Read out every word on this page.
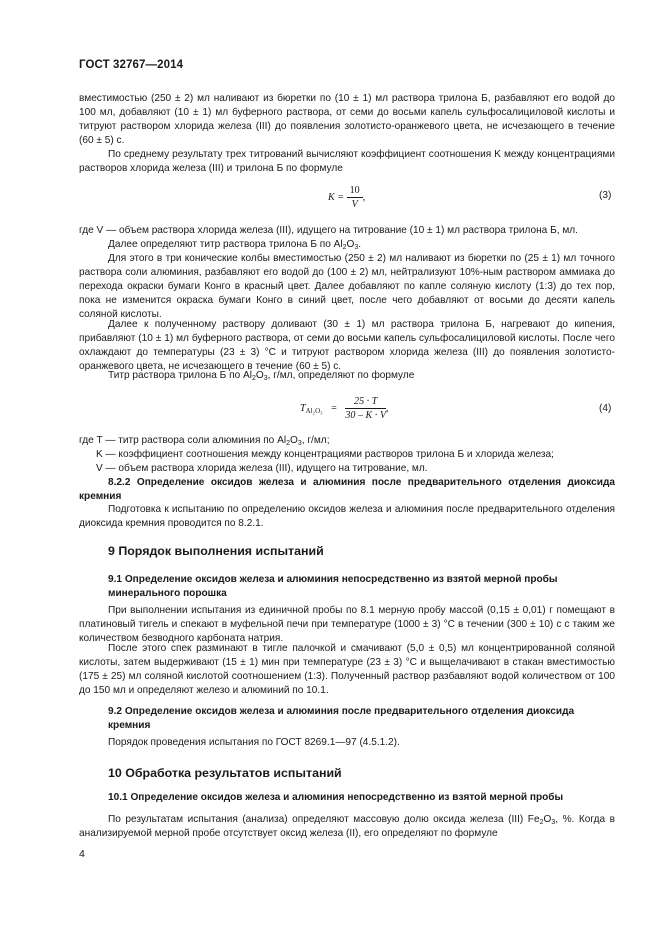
ГОСТ 32767—2014
вместимостью (250 ± 2) мл наливают из бюретки по (10 ± 1) мл раствора трилона Б, разбавляют его водой до 100 мл, добавляют (10 ± 1) мл буферного раствора, от семи до восьми капель сульфосалициловой кислоты и титруют раствором хлорида железа (III) до появления золотисто-оранжевого цвета, не исчезающего в течение (60 ± 5) с.
По среднему результату трех титрований вычисляют коэффициент соотношения K между концентрациями растворов хлорида железа (III) и трилона Б по формуле
$K = \frac{10}{V}$ ,	(3)
где V — объем раствора хлорида железа (III), идущего на титрование (10 ± 1) мл раствора трилона Б, мл.
Далее определяют титр раствора трилона Б по $Al_2O_3$.
Для этого в три конические колбы вместимостью (250 ± 2) мл наливают из бюретки по (25 ± 1) мл точного раствора соли алюминия, разбавляют его водой до (100 ± 2) мл, нейтрализуют 10%-ным раствором аммиака до перехода окраски бумаги Конго в красный цвет. Далее добавляют по капле соляную кислоту (1:3) до тех пор, пока не изменится окраска бумаги Конго в синий цвет, после чего добавляют от восьми до десяти капель соляной кислоты.
Далее к полученному раствору доливают (30 ± 1) мл раствора трилона Б, нагревают до кипения, прибавляют (10 ± 1) мл буферного раствора, от семи до восьми капель сульфосалициловой кислоты. После чего охлаждают до температуры (23 ± 3) °С и титруют раствором хлорида железа (III) до появления золотисто-оранжевого цвета, не исчезающего в течение (60 ± 5) с.
Титр раствора трилона Б по $Al_2O_3$, г/мл, определяют по формуле
$T_{Al_2O_3} = \frac{25 \cdot T}{30 - K \cdot V}$ ,	(4)
где T — титр раствора соли алюминия по $Al_2O_3$, г/мл;
K — коэффициент соотношения между концентрациями растворов трилона Б и хлорида железа;
V — объем раствора хлорида железа (III), идущего на титрование, мл.
8.2.2 Определение оксидов железа и алюминия после предварительного отделения диоксида кремния
Подготовка к испытанию по определению оксидов железа и алюминия после предварительного отделения диоксида кремния проводится по 8.2.1.
9 Порядок выполнения испытаний
9.1 Определение оксидов железа и алюминия непосредственно из взятой мерной пробы минерального порошка
При выполнении испытания из единичной пробы по 8.1 мерную пробу массой (0,15 ± 0,01) г помещают в платиновый тигель и спекают в муфельной печи при температуре (1000 ± 3) °С в течении (300 ± 10) с с таким же количеством безводного карбоната натрия.
После этого спек разминают в тигле палочкой и смачивают (5,0 ± 0,5) мл концентрированной соляной кислоты, затем выдерживают (15 ± 1) мин при температуре (23 ± 3) °С и выщелачивают в стакан вместимостью (175 ± 25) мл соляной кислотой соотношением (1:3). Полученный раствор разбавляют водой количеством от 100 до 150 мл и определяют железо и алюминий по 10.1.
9.2 Определение оксидов железа и алюминия после предварительного отделения диоксида кремния
Порядок проведения испытания по ГОСТ 8269.1—97 (4.5.1.2).
10 Обработка результатов испытаний
10.1 Определение оксидов железа и алюминия непосредственно из взятой мерной пробы
По результатам испытания (анализа) определяют массовую долю оксида железа (III) $Fe_2O_3$, %. Когда в анализируемой мерной пробе отсутствует оксид железа (II), его определяют по формуле
4
